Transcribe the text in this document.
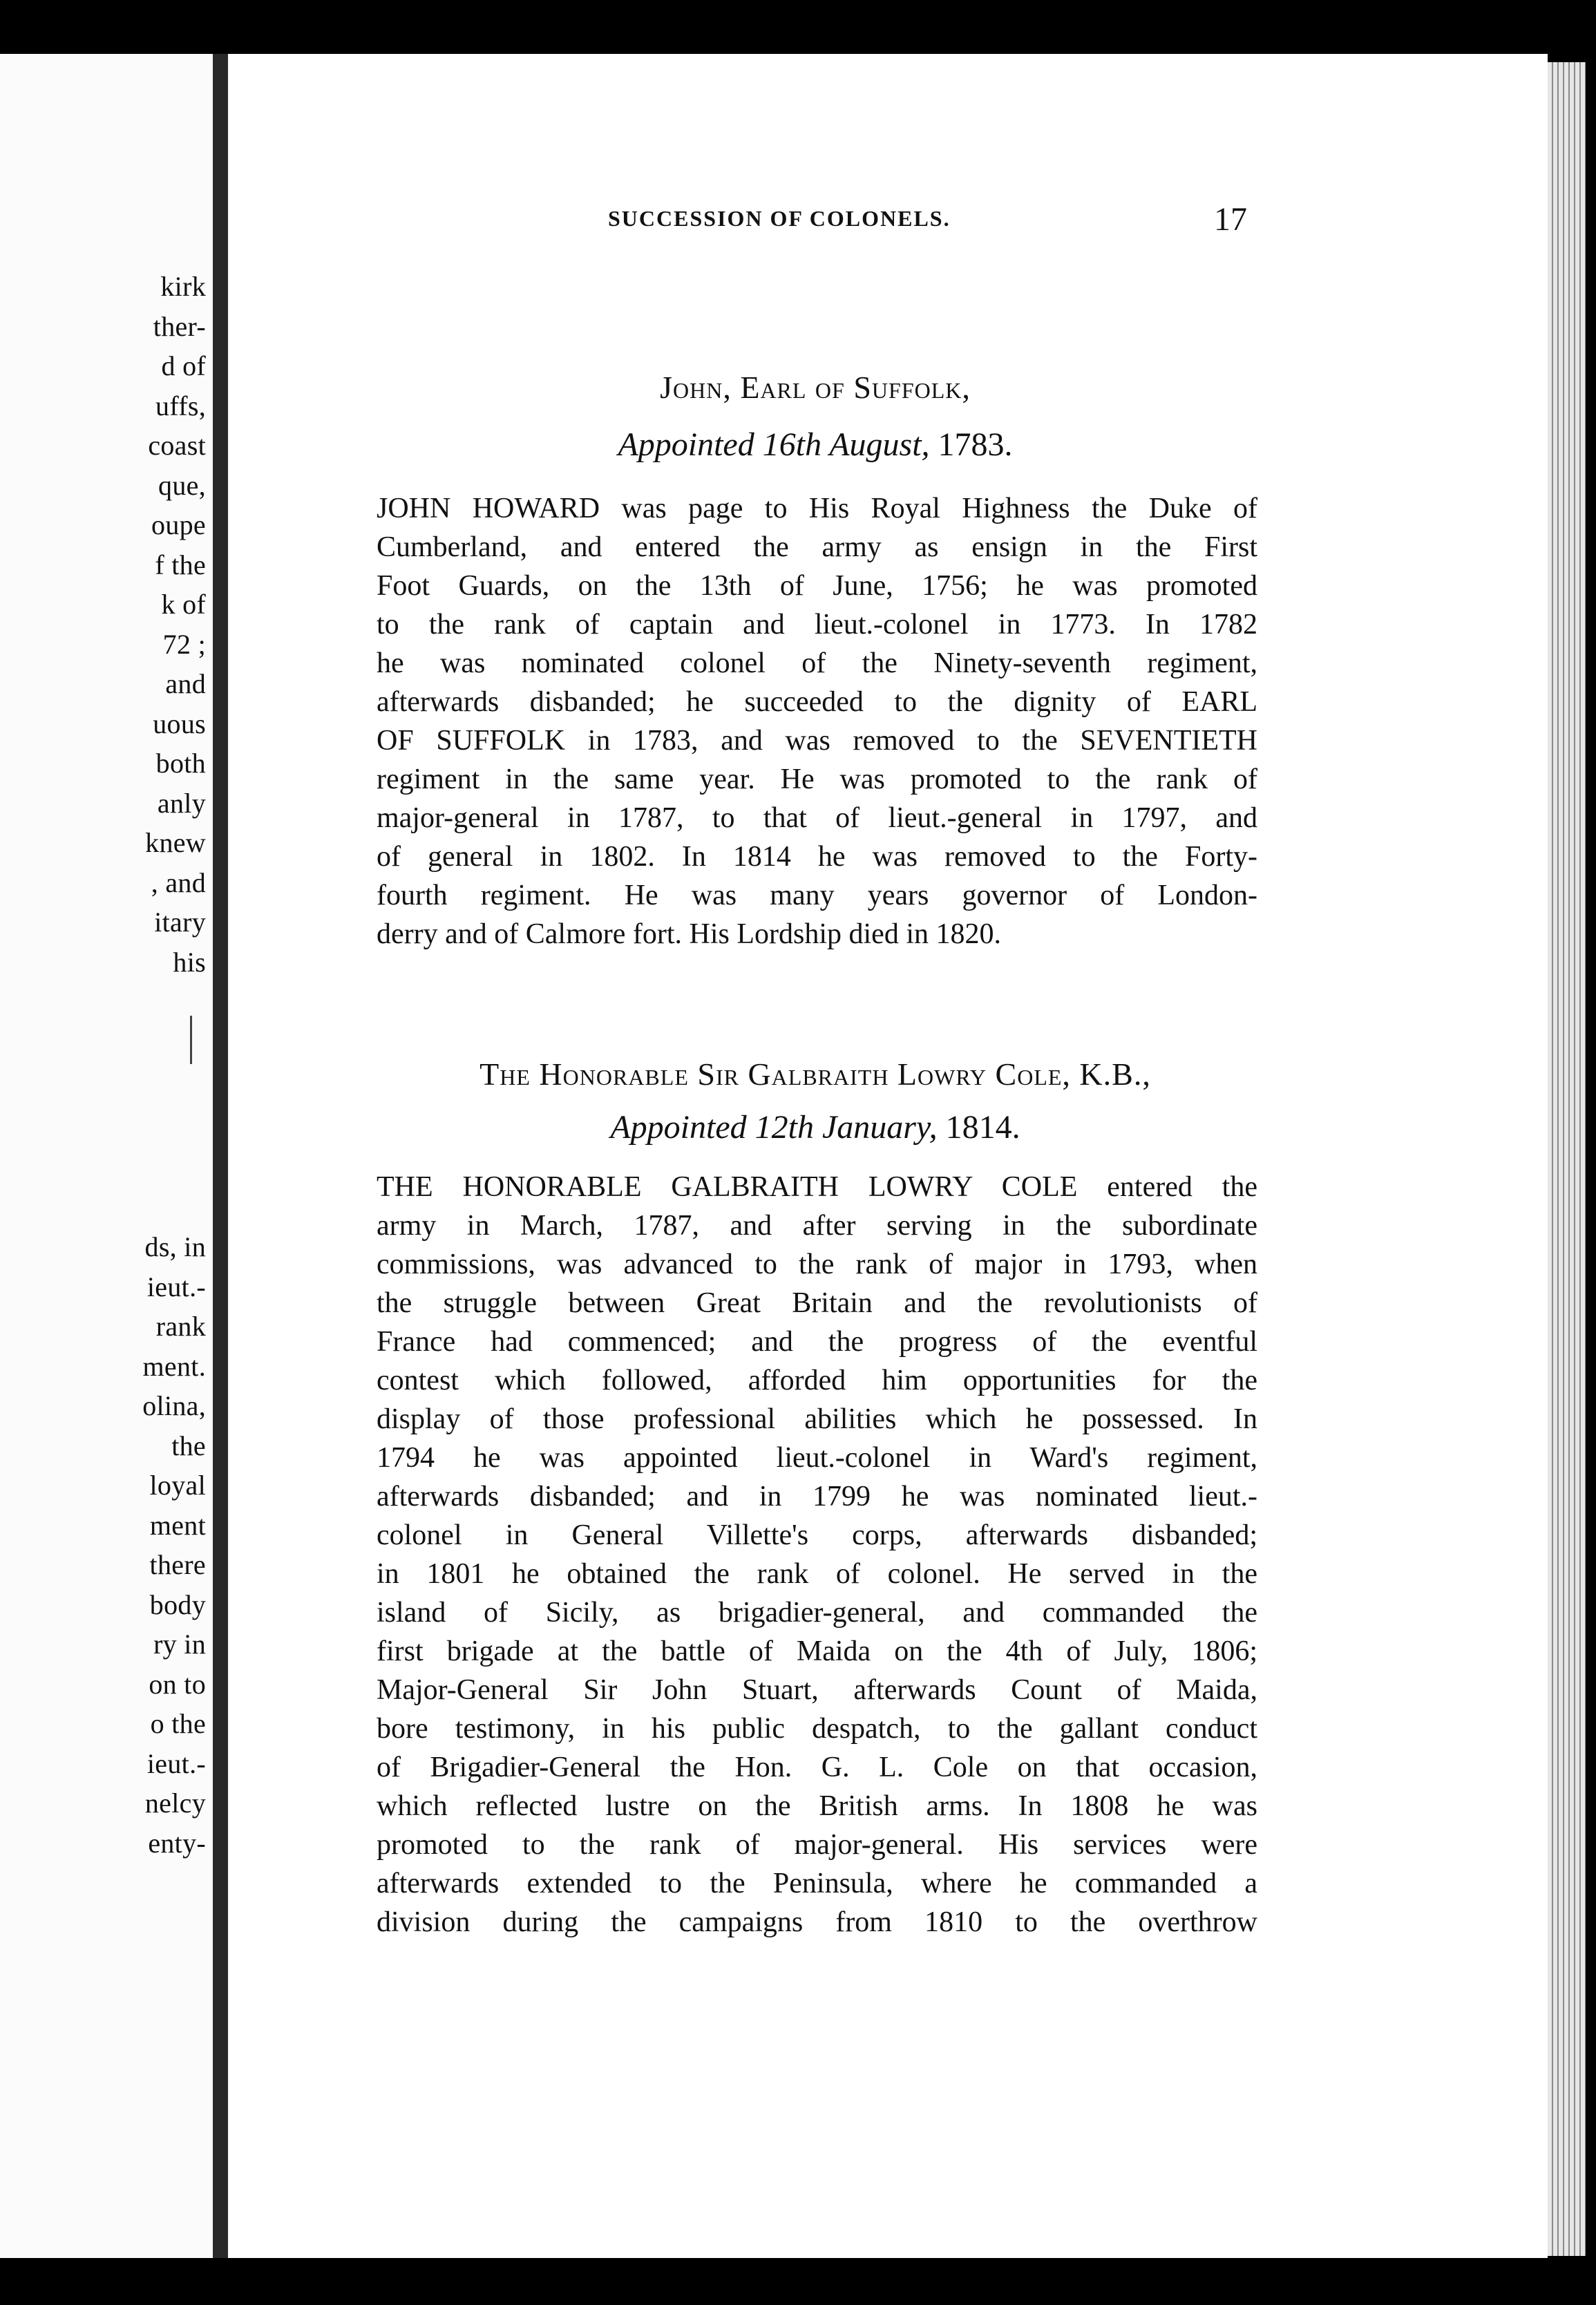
kirk
ther-
d of
uffs,
coast
que,
oupe
f the
k of
72 ;
and
uous
both
anly
knew
, and
itary
his
ds, in
ieut.-
rank
ment.
olina,
the
loyal
ment
there
body
ry in
on to
o the
ieut.-
nelcy
enty-
SUCCESSION OF COLONELS.	17
John, Earl of Suffolk,
Appointed 16th August, 1783.
JOHN HOWARD was page to His Royal Highness the Duke of
Cumberland, and entered the army as ensign in the First
Foot Guards, on the 13th of June, 1756; he was promoted
to the rank of captain and lieut.-colonel in 1773. In 1782
he was nominated colonel of the Ninety-seventh regiment,
afterwards disbanded; he succeeded to the dignity of EARL
OF SUFFOLK in 1783, and was removed to the SEVENTIETH
regiment in the same year. He was promoted to the rank of
major-general in 1787, to that of lieut.-general in 1797, and
of general in 1802. In 1814 he was removed to the Forty-
fourth regiment. He was many years governor of London-
derry and of Calmore fort. His Lordship died in 1820.
The Honorable Sir Galbraith Lowry Cole, K.B.,
Appointed 12th January, 1814.
THE HONORABLE GALBRAITH LOWRY COLE entered the
army in March, 1787, and after serving in the subordinate
commissions, was advanced to the rank of major in 1793, when
the struggle between Great Britain and the revolutionists of
France had commenced; and the progress of the eventful
contest which followed, afforded him opportunities for the
display of those professional abilities which he possessed. In
1794 he was appointed lieut.-colonel in Ward's regiment,
afterwards disbanded; and in 1799 he was nominated lieut.-
colonel in General Villette's corps, afterwards disbanded;
in 1801 he obtained the rank of colonel. He served in the
island of Sicily, as brigadier-general, and commanded the
first brigade at the battle of Maida on the 4th of July, 1806;
Major-General Sir John Stuart, afterwards Count of Maida,
bore testimony, in his public despatch, to the gallant conduct
of Brigadier-General the Hon. G. L. Cole on that occasion,
which reflected lustre on the British arms. In 1808 he was
promoted to the rank of major-general. His services were
afterwards extended to the Peninsula, where he commanded a
division during the campaigns from 1810 to the overthrow
